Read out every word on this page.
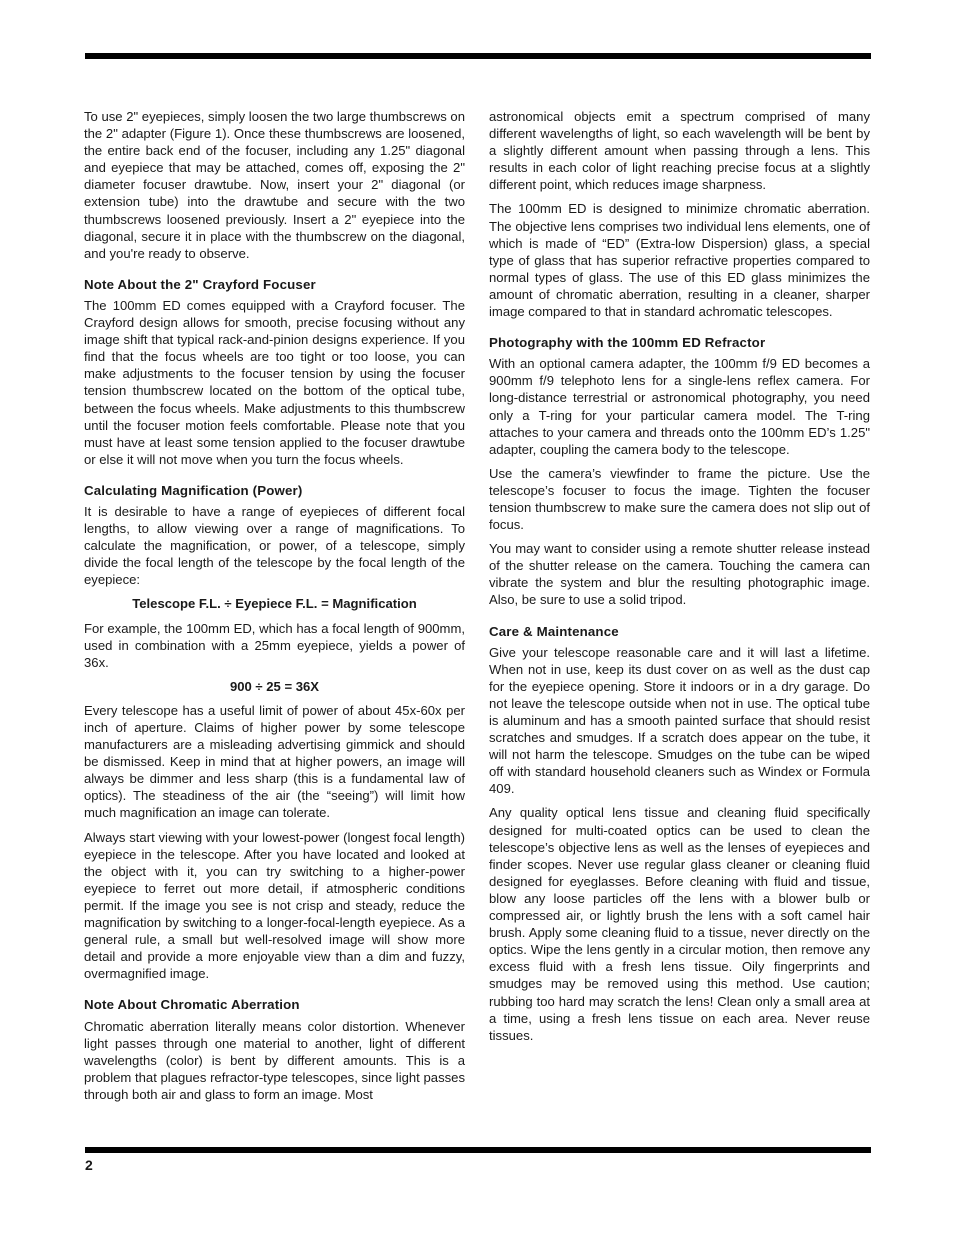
To use 2" eyepieces, simply loosen the two large thumbscrews on the 2" adapter (Figure 1). Once these thumbscrews are loosened, the entire back end of the focuser, including any 1.25" diagonal and eyepiece that may be attached, comes off, exposing the 2" diameter focuser drawtube. Now, insert your 2" diagonal (or extension tube) into the drawtube and secure with the two thumbscrews loosened previously. Insert a 2" eyepiece into the diagonal, secure it in place with the thumbscrew on the diagonal, and you're ready to observe.

Note About the 2" Crayford Focuser

The 100mm ED comes equipped with a Crayford focuser. The Crayford design allows for smooth, precise focusing without any image shift that typical rack-and-pinion designs experience. If you find that the focus wheels are too tight or too loose, you can make adjustments to the focuser tension by using the focuser tension thumbscrew located on the bottom of the optical tube, between the focus wheels. Make adjustments to this thumbscrew until the focuser motion feels comfortable. Please note that you must have at least some tension applied to the focuser drawtube or else it will not move when you turn the focus wheels.

Calculating Magnification (Power)

It is desirable to have a range of eyepieces of different focal lengths, to allow viewing over a range of magnifications. To calculate the magnification, or power, of a telescope, simply divide the focal length of the telescope by the focal length of the eyepiece:

Telescope F.L. ÷ Eyepiece F.L. = Magnification

For example, the 100mm ED, which has a focal length of 900mm, used in combination with a 25mm eyepiece, yields a power of 36x.

900 ÷ 25 = 36X

Every telescope has a useful limit of power of about 45x-60x per inch of aperture. Claims of higher power by some telescope manufacturers are a misleading advertising gimmick and should be dismissed. Keep in mind that at higher powers, an image will always be dimmer and less sharp (this is a fundamental law of optics). The steadiness of the air (the “seeing”) will limit how much magnification an image can tolerate.

Always start viewing with your lowest-power (longest focal length) eyepiece in the telescope. After you have located and looked at the object with it, you can try switching to a higher-power eyepiece to ferret out more detail, if atmospheric conditions permit. If the image you see is not crisp and steady, reduce the magnification by switching to a longer-focal-length eyepiece. As a general rule, a small but well-resolved image will show more detail and provide a more enjoyable view than a dim and fuzzy, overmagnified image.

Note About Chromatic Aberration

Chromatic aberration literally means color distortion. Whenever light passes through one material to another, light of different wavelengths (color) is bent by different amounts. This is a problem that plagues refractor-type telescopes, since light passes through both air and glass to form an image. Most

astronomical objects emit a spectrum comprised of many different wavelengths of light, so each wavelength will be bent by a slightly different amount when passing through a lens. This results in each color of light reaching precise focus at a slightly different point, which reduces image sharpness.

The 100mm ED is designed to minimize chromatic aberration. The objective lens comprises two individual lens elements, one of which is made of “ED” (Extra-low Dispersion) glass, a special type of glass that has superior refractive properties compared to normal types of glass. The use of this ED glass minimizes the amount of chromatic aberration, resulting in a cleaner, sharper image compared to that in standard achromatic telescopes.

Photography with the 100mm ED Refractor

With an optional camera adapter, the 100mm f/9 ED becomes a 900mm f/9 telephoto lens for a single-lens reflex camera. For long-distance terrestrial or astronomical photography, you need only a T-ring for your particular camera model. The T-ring attaches to your camera and threads onto the 100mm ED’s 1.25" adapter, coupling the camera body to the telescope.

Use the camera’s viewfinder to frame the picture. Use the telescope’s focuser to focus the image. Tighten the focuser tension thumbscrew to make sure the camera does not slip out of focus.

You may want to consider using a remote shutter release instead of the shutter release on the camera. Touching the camera can vibrate the system and blur the resulting photographic image. Also, be sure to use a solid tripod.

Care & Maintenance

Give your telescope reasonable care and it will last a lifetime. When not in use, keep its dust cover on as well as the dust cap for the eyepiece opening. Store it indoors or in a dry garage. Do not leave the telescope outside when not in use. The optical tube is aluminum and has a smooth painted surface that should resist scratches and smudges. If a scratch does appear on the tube, it will not harm the telescope. Smudges on the tube can be wiped off with standard household cleaners such as Windex or Formula 409.

Any quality optical lens tissue and cleaning fluid specifically designed for multi-coated optics can be used to clean the telescope’s objective lens as well as the lenses of eyepieces and finder scopes. Never use regular glass cleaner or cleaning fluid designed for eyeglasses. Before cleaning with fluid and tissue, blow any loose particles off the lens with a blower bulb or compressed air, or lightly brush the lens with a soft camel hair brush. Apply some cleaning fluid to a tissue, never directly on the optics. Wipe the lens gently in a circular motion, then remove any excess fluid with a fresh lens tissue. Oily fingerprints and smudges may be removed using this method. Use caution; rubbing too hard may scratch the lens! Clean only a small area at a time, using a fresh lens tissue on each area. Never reuse tissues.

2
